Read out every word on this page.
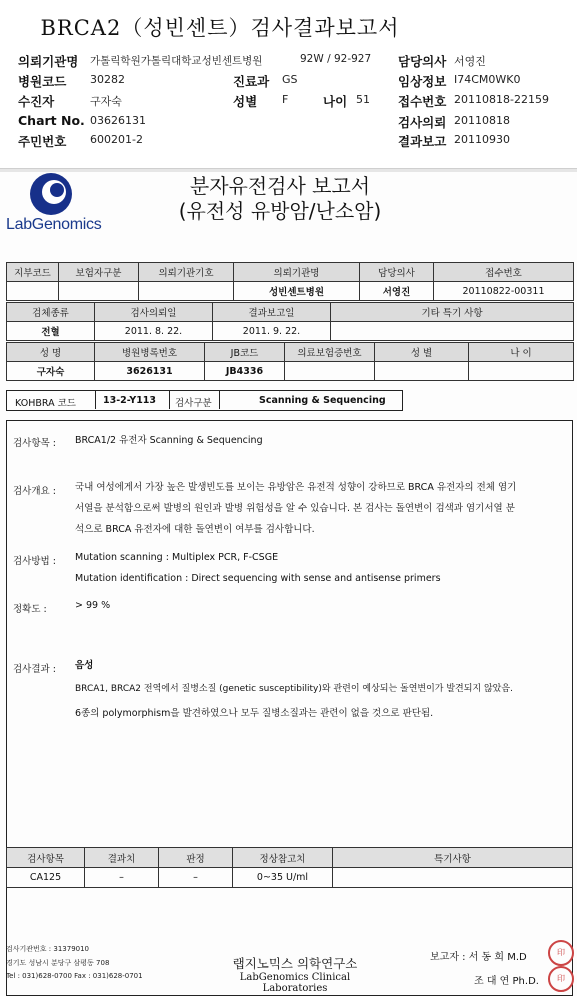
BRCA2（성빈센트）검사결과보고서
의뢰기관명 가톨릭학원가톨릭대학교성빈센트병원	92W / 92-927 담당의사 서영진
병원코드 30282	진료과 GS	임상정보 I74CM0WK0
수진자	구자숙	성별 F	나이 51 접수번호 20110818-22159
Chart No. 03626131	검사의뢰 20110818
주민번호 600201-2	결과보고 20110930
LabGenomics
분자유전검사 보고서
(유전성 유방암/난소암)
지부코드	보험자구분	의뢰기관기호	의뢰기관명	담당의사	접수번호
			성빈센트병원	서영진	20110822-00311
검체종류	검사의뢰일	결과보고일	기타 특기 사항
전혈	2011. 8. 22.	2011. 9. 22.	
성 명	병원병록번호	JB코드	의료보험증번호	성 별	나 이
구자숙	3626131	JB4336			
KOHBRA 코드	13-2-Y113 검사구분	Scanning & Sequencing
검사항목 : BRCA1/2 유전자 Scanning & Sequencing
검사개요 : 국내 여성에게서 가장 높은 발생빈도를 보이는 유방암은 유전적 성향이 강하므로 BRCA 유전자의 전체 염기
서열을 분석함으로써 발병의 원인과 발병 위험성을 알 수 있습니다. 본 검사는 돌연변이 검색과 염기서열 분
석으로 BRCA 유전자에 대한 돌연변이 여부를 검사합니다.
검사방법 : Mutation scanning : Multiplex PCR, F-CSGE
Mutation identification : Direct sequencing with sense and antisense primers
정확도 :	> 99 %
검사결과 : 음성
BRCA1, BRCA2 전역에서 질병소질 (genetic susceptibility)와 관련이 예상되는 돌연변이가 발견되지 않았음.
6종의 polymorphism을 발견하였으나 모두 질병소질과는 관련이 없을 것으로 판단됨.
검사항목	결과치	판정	정상참고치	특기사항
CA125	–	–	0~35 U/ml	
검사기관번호 : 31379010
경기도 성남시 분당구 삼평동 708
Tel : 031)628-0700 Fax : 031)628-0701
랩지노믹스 의학연구소
LabGenomics Clinical Laboratories
보고자 : 서 동 희 M.D
조 대 연 Ph.D.
印
印
